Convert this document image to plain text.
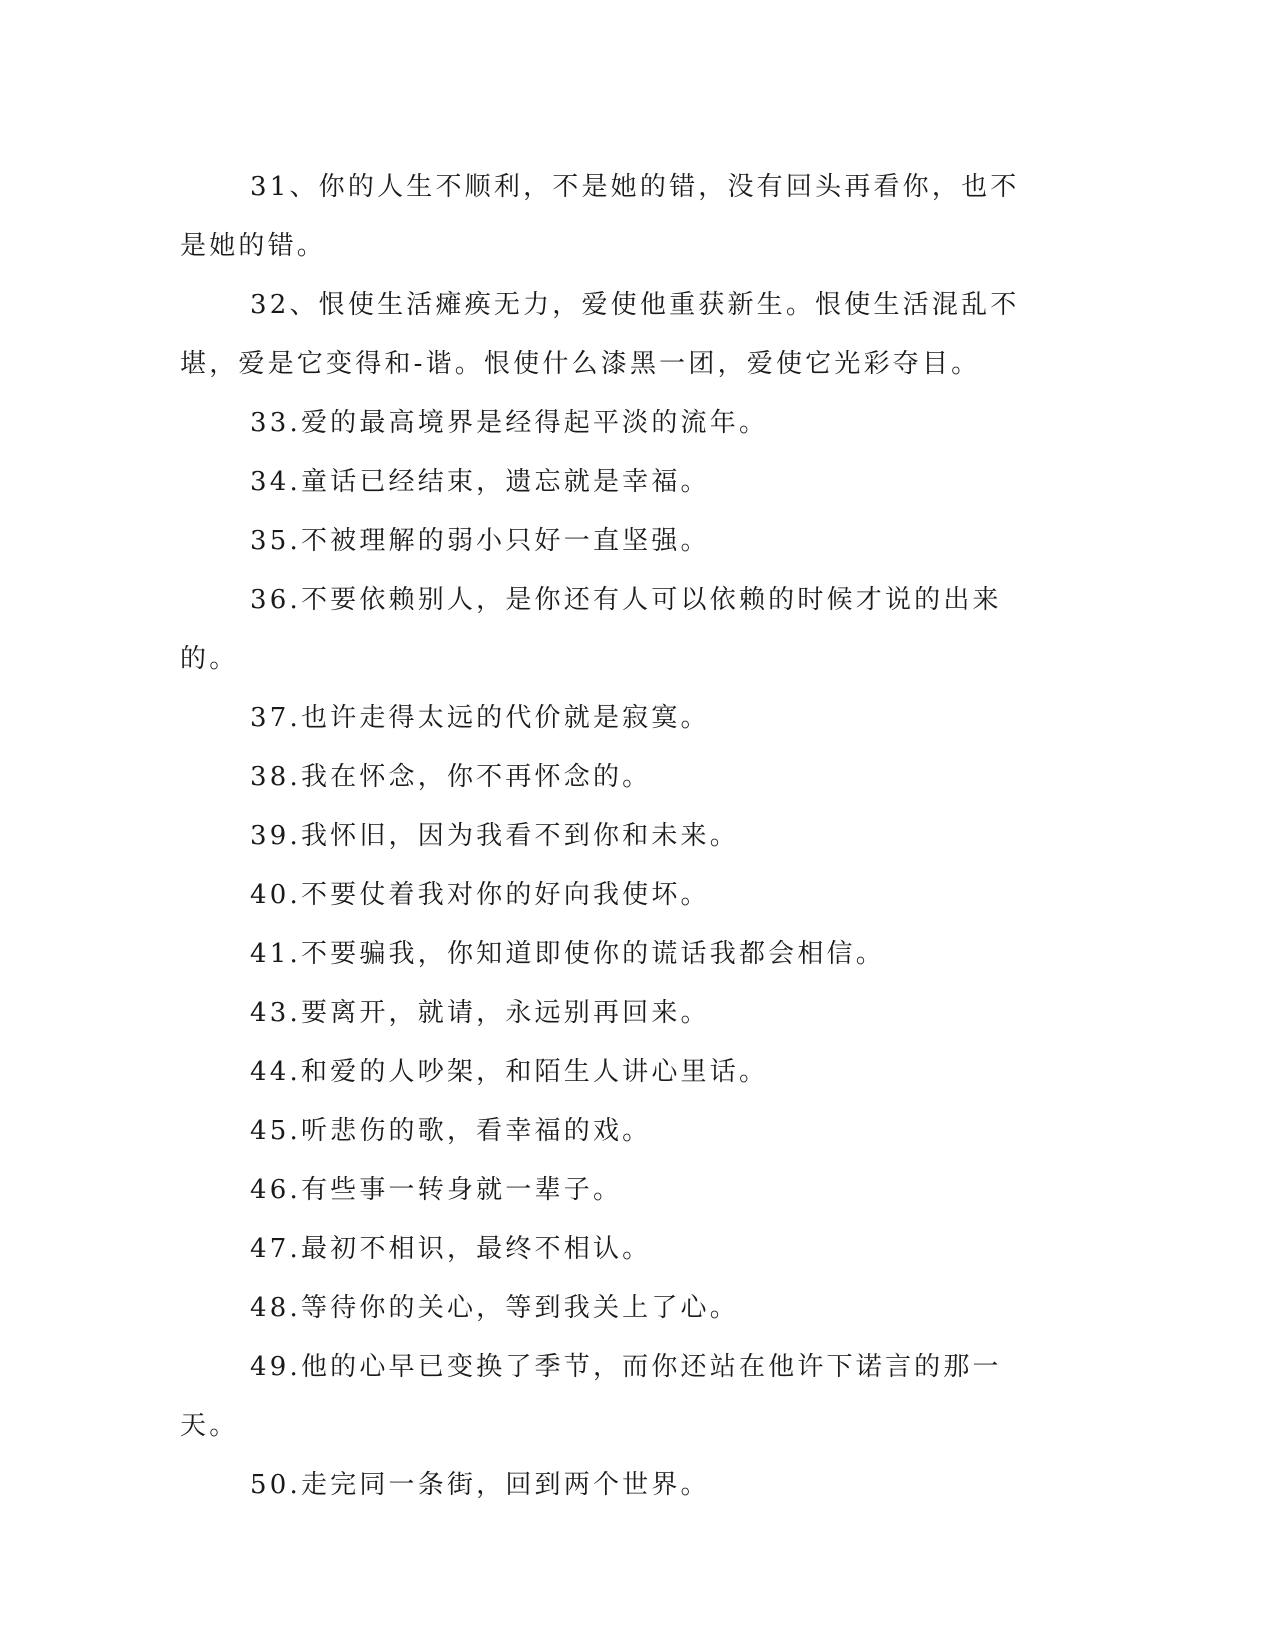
31、你的人生不顺利，不是她的错，没有回头再看你，也不是她的错。

32、恨使生活瘫痪无力，爱使他重获新生。恨使生活混乱不堪，爱是它变得和-谐。恨使什么漆黑一团，爱使它光彩夺目。

33.爱的最高境界是经得起平淡的流年。

34.童话已经结束，遗忘就是幸福。

35.不被理解的弱小只好一直坚强。

36.不要依赖别人，是你还有人可以依赖的时候才说的出来的。

37.也许走得太远的代价就是寂寞。

38.我在怀念，你不再怀念的。

39.我怀旧，因为我看不到你和未来。

40.不要仗着我对你的好向我使坏。

41.不要骗我，你知道即使你的谎话我都会相信。

43.要离开，就请，永远别再回来。

44.和爱的人吵架，和陌生人讲心里话。

45.听悲伤的歌，看幸福的戏。

46.有些事一转身就一辈子。

47.最初不相识，最终不相认。

48.等待你的关心，等到我关上了心。

49.他的心早已变换了季节，而你还站在他许下诺言的那一天。

50.走完同一条街，回到两个世界。
